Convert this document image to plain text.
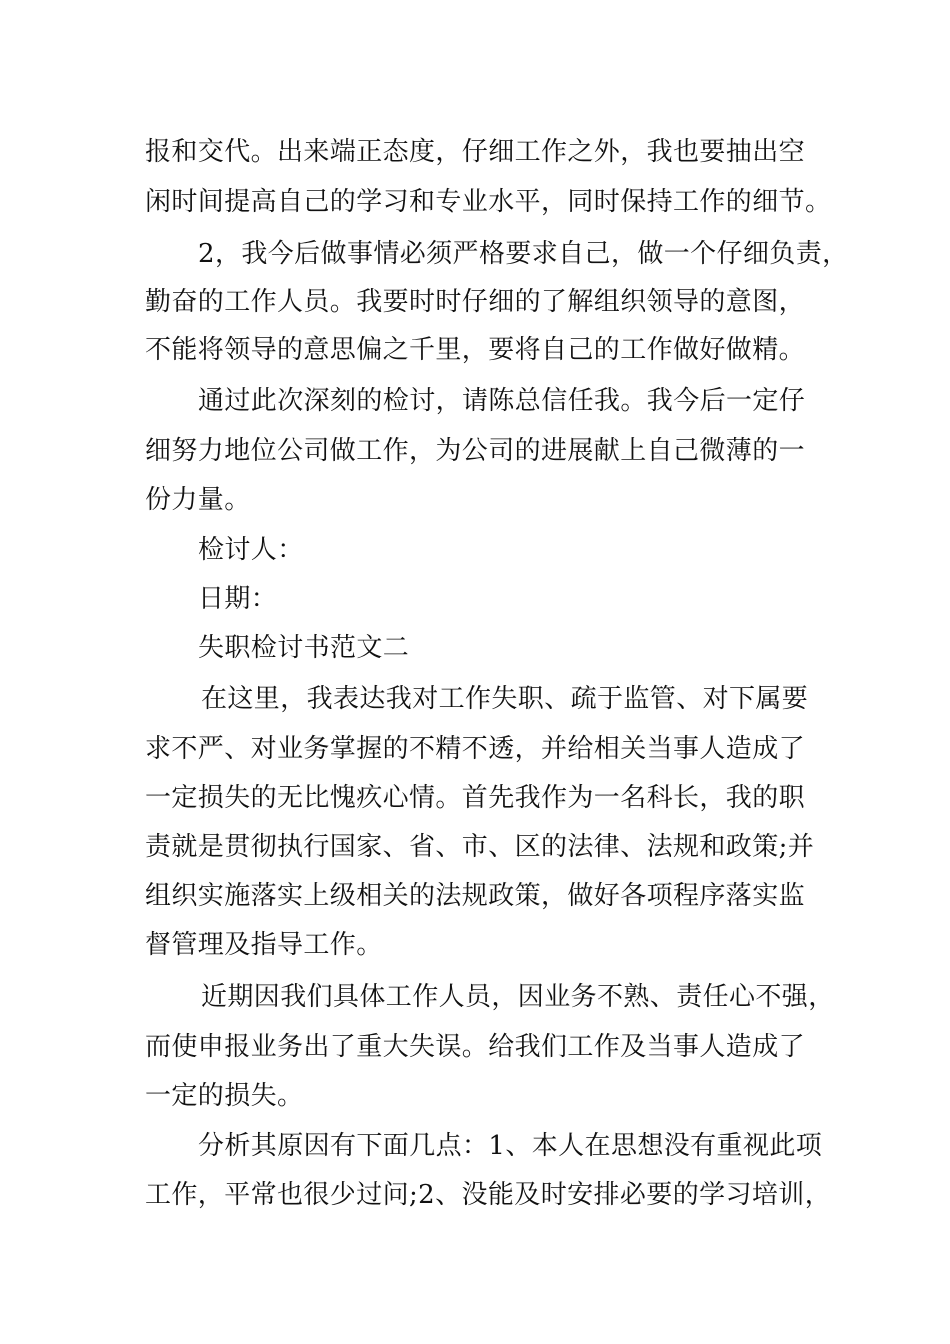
报和交代。出来端正态度，仔细工作之外，我也要抽出空
闲时间提高自己的学习和专业水平，同时保持工作的细节。
2，我今后做事情必须严格要求自己，做一个仔细负责，
勤奋的工作人员。我要时时仔细的了解组织领导的意图，
不能将领导的意思偏之千里，要将自己的工作做好做精。
通过此次深刻的检讨，请陈总信任我。我今后一定仔
细努力地位公司做工作，为公司的进展献上自己微薄的一
份力量。
检讨人：
日期：
失职检讨书范文二
在这里，我表达我对工作失职、疏于监管、对下属要
求不严、对业务掌握的不精不透，并给相关当事人造成了
一定损失的无比愧疚心情。首先我作为一名科长，我的职
责就是贯彻执行国家、省、市、区的法律、法规和政策;并
组织实施落实上级相关的法规政策，做好各项程序落实监
督管理及指导工作。
近期因我们具体工作人员，因业务不熟、责任心不强，
而使申报业务出了重大失误。给我们工作及当事人造成了
一定的损失。
分析其原因有下面几点：1、本人在思想没有重视此项
工作，平常也很少过问;2、没能及时安排必要的学习培训，
